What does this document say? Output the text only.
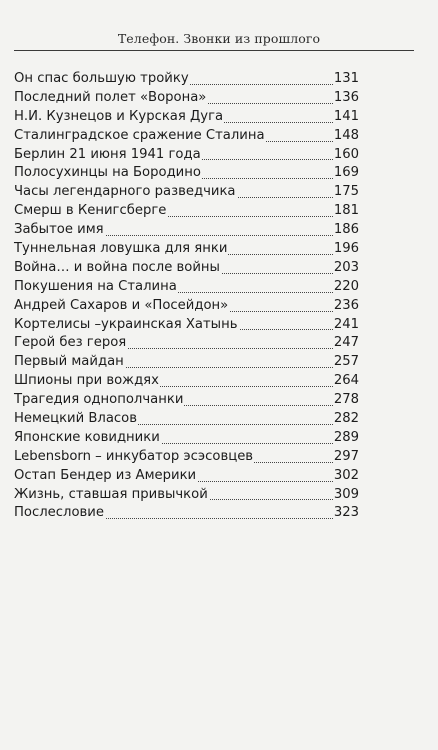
Телефон. Звонки из прошлого
Он спас большую тройку	131
Последний полет «Ворона»	136
Н.И. Кузнецов и Курская Дуга	141
Сталинградское сражение Сталина	148
Берлин 21 июня 1941 года	160
Полосухинцы на Бородино	169
Часы легендарного разведчика	175
Смерш в Кенигсберге	181
Забытое имя	186
Туннельная ловушка для янки	196
Война… и война после войны	203
Покушения на Сталина	220
Андрей Сахаров и «Посейдон»	236
Кортелисы –украинская Хатынь	241
Герой без героя	247
Первый майдан	257
Шпионы при вождях	264
Трагедия однополчанки	278
Немецкий Власов	282
Японские ковидники	289
Lebensborn – инкубатор эсэсовцев	297
Остап Бендер из Америки	302
Жизнь, ставшая привычкой	309
Послесловие	323
